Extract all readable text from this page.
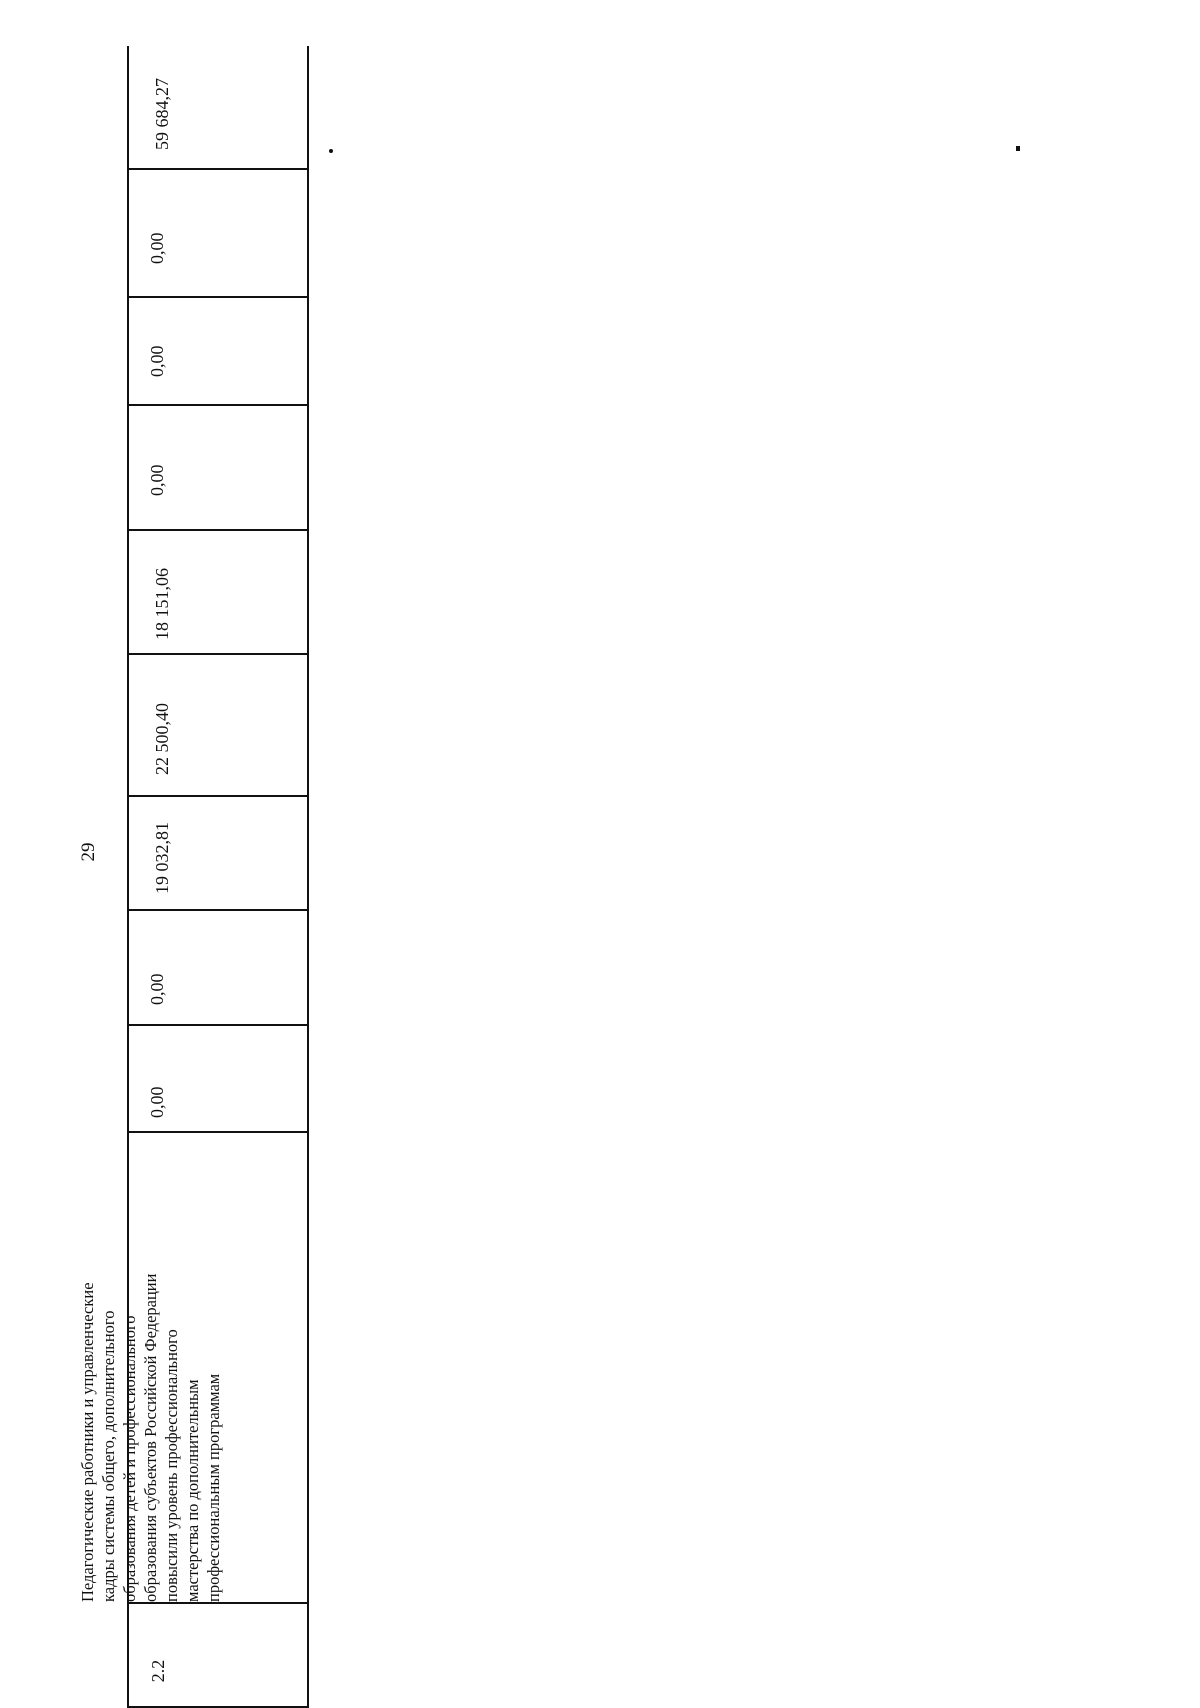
29
2.2
Педагогические работники и управленческие кадры системы общего, дополнительного образования детей и профессионального образования субъектов Российской Федерации повысили уровень профессионального мастерства по дополнительным профессиональным программам
0,00
0,00
19 032,81
22 500,40
18 151,06
0,00
0,00
0,00
59 684,27
